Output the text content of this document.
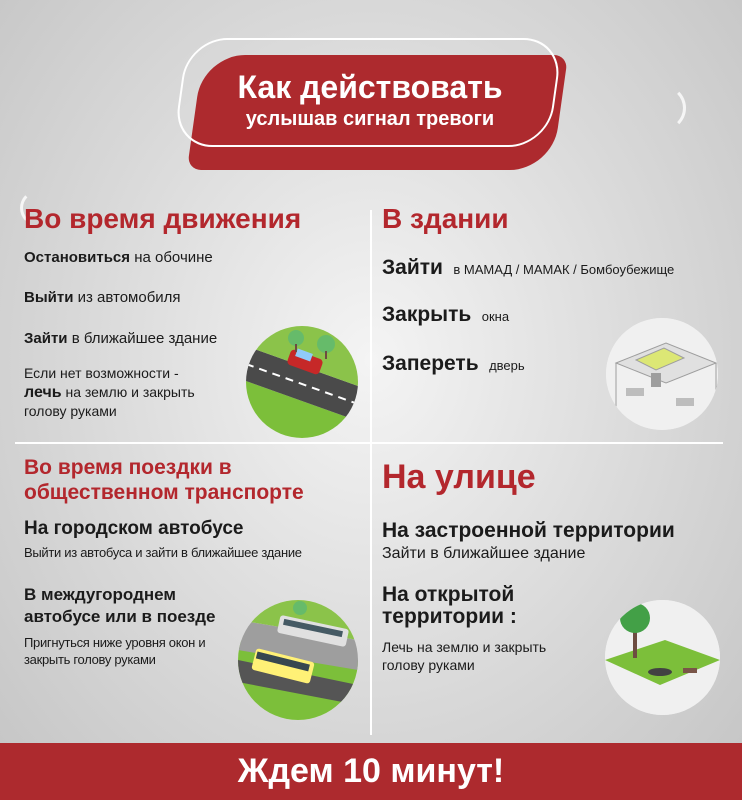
Как действовать
услышав сигнал тревоги
Во время движения
Остановиться на обочине
Выйти из автомобиля
Зайти в ближайшее здание
Если нет возможности -
лечь на землю и закрыть
голову руками
В здании
Зайти в МАМАД / МАМАК / Бомбоубежище
Закрыть окна
Запереть дверь
Во время поездки в общественном транспорте
На городском автобусе
Выйти из автобуса и зайти в ближайшее здание
В междугороднем автобусе или в поезде
Пригнуться ниже уровня окон и закрыть голову руками
На улице
На застроенной территории
Зайти в ближайшее здание
На открытой территории :
Лечь на землю и закрыть голову руками
Ждем 10 минут!
